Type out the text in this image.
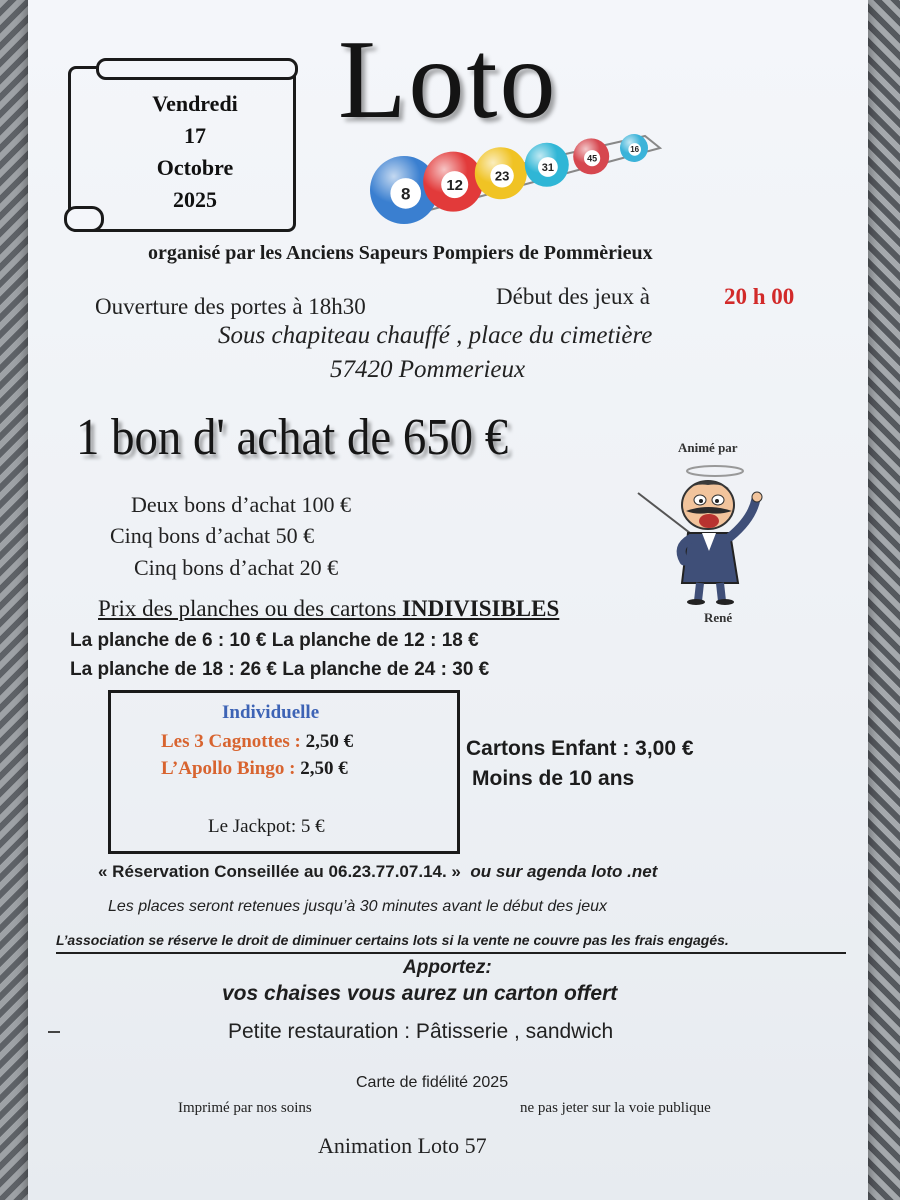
Vendredi
17
Octobre
2025
Loto
8 12
23
31
45
16
organisé par les Anciens Sapeurs Pompiers de Pommèrieux
Ouverture des portes à 18h30	Début des jeux à	20 h 00
Sous chapiteau chauffé , place du cimetière
57420 Pommerieux
1 bon d' achat de 650 €
Deux bons d’achat 100 €
Cinq bons d’achat 50 €
Cinq bons d’achat 20 €
Animé par
René
Prix des planches ou des cartons INDIVISIBLES
La planche de 6 : 10 € La planche de 12 : 18 €
La planche de 18 : 26 € La planche de 24 : 30 €
Individuelle
Les 3 Cagnottes : 2,50 €
L’Apollo Bingo : 2,50 €
Le Jackpot: 5 €
Cartons Enfant : 3,00 €
Moins de 10 ans
« Réservation Conseillée au 06.23.77.07.14. » ou sur agenda loto .net
Les places seront retenues jusqu’à 30 minutes avant le début des jeux
L’association se réserve le droit de diminuer certains lots si la vente ne couvre pas les frais engagés.
Apportez:
vos chaises vous aurez un carton offert
Petite restauration : Pâtisserie , sandwich
Carte de fidélité 2025
Imprimé par nos soins	ne pas jeter sur la voie publique
Animation Loto 57
